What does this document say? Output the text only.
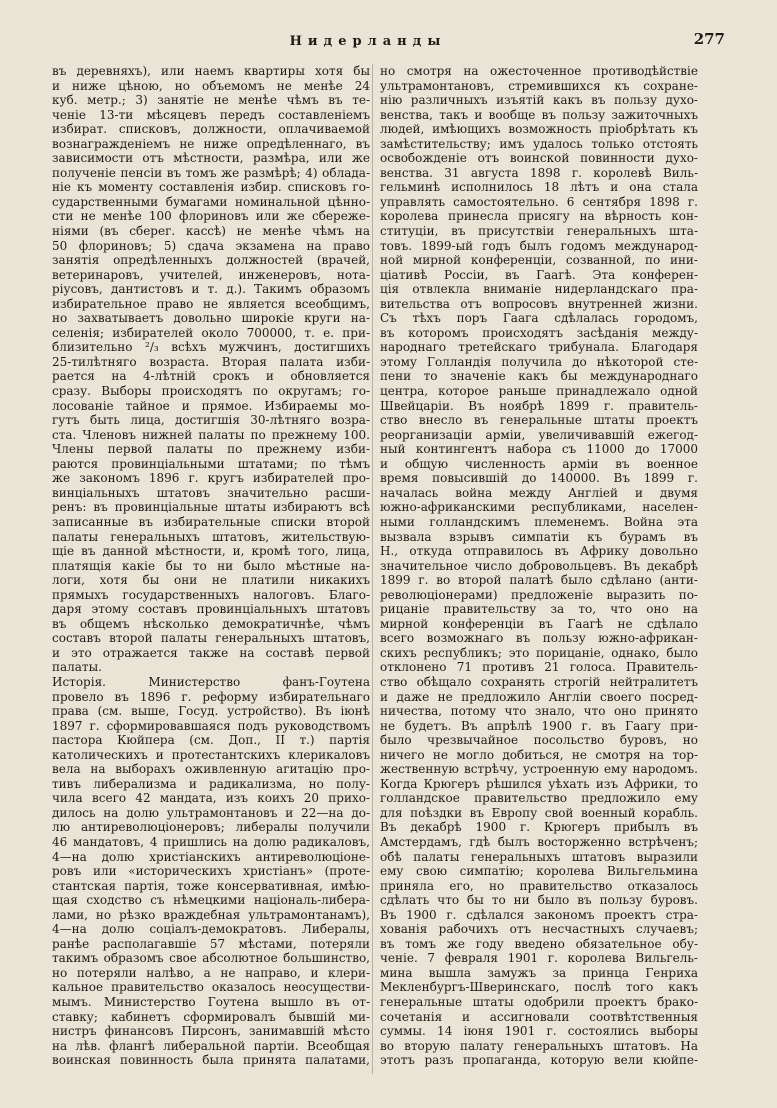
Нидерланды	277
въ деревняхъ), или наемъ квартиры хотя бы
и ниже цѣною, но объемомъ не менѣе 24
куб. метр.; 3) занятіе не менѣе чѣмъ въ те-
ченіе 13-ти мѣсяцевъ передъ составленіемъ
избират. списковъ, должности, оплачиваемой
вознагражденіемъ не ниже опредѣленнаго, въ
зависимости отъ мѣстности, размѣра, или же
полученіе пенсіи въ томъ же размѣрѣ; 4) облада-
ніе къ моменту составленія избир. списковъ го-
сударственными бумагами номинальной цѣнно-
сти не менѣе 100 флориновъ или же сбереже-
ніями (въ сберег. кассѣ) не менѣе чѣмъ на
50 флориновъ; 5) сдача экзамена на право
занятія опредѣленныхъ должностей (врачей,
ветеринаровъ, учителей, инженеровъ, нота-
ріусовъ, дантистовъ и т. д.). Такимъ образомъ
избирательное право не является всеобщимъ,
но захватываетъ довольно широкіе круги на-
селенія; избирателей около 700000, т. е. при-
близительно ²/₃ всѣхъ мужчинъ, достигшихъ
25-тилѣтняго возраста. Вторая палата изби-
рается на 4-лѣтній срокъ и обновляется
сразу. Выборы происходятъ по округамъ; го-
лосованіе тайное и прямое. Избираемы мо-
гутъ быть лица, достигшія 30-лѣтняго возра-
ста. Членовъ нижней палаты по прежнему 100.
Члены первой палаты по прежнему изби-
раются провинціальными штатами; по тѣмъ
же закономъ 1896 г. кругъ избирателей про-
винціальныхъ штатовъ значительно расши-
ренъ: въ провинціальные штаты избираютъ всѣ
записанные въ избирательные списки второй
палаты генеральныхъ штатовъ, жительствую-
щіе въ данной мѣстности, и, кромѣ того, лица,
платящія какіе бы то ни было мѣстные на-
логи, хотя бы они не платили никакихъ
прямыхъ государственныхъ налоговъ. Благо-
даря этому составъ провинціальныхъ штатовъ
въ общемъ нѣсколько демократичнѣе, чѣмъ
составъ второй палаты генеральныхъ штатовъ,
и это отражается также на составѣ первой
палаты.
Исторія. Министерство фанъ-Гоутена
провело въ 1896 г. реформу избирательнаго
права (см. выше, Госуд. устройство). Въ іюнѣ
1897 г. сформировавшаяся подъ руководствомъ
пастора Кюйпера (см. Доп., II т.) партія
католическихъ и протестантскихъ клерикаловъ
вела на выборахъ оживленную агитацію про-
тивъ либерализма и радикализма, но полу-
чила всего 42 мандата, изъ коихъ 20 прихо-
дилось на долю ультрамонтановъ и 22—на до-
лю антиреволюціонеровъ; либералы получили
46 мандатовъ, 4 пришлись на долю радикаловъ,
4—на долю христіанскихъ антиреволюціоне-
ровъ или «историческихъ христіанъ» (проте-
стантская партія, тоже консервативная, имѣю-
щая сходство съ нѣмецкими національ-либера-
лами, но рѣзко враждебная ультрамонтанамъ),
4—на долю соціалъ-демократовъ. Либералы,
ранѣе располагавшіе 57 мѣстами, потеряли
такимъ образомъ свое абсолютное большинство,
но потеряли налѣво, а не направо, и клери-
кальное правительство оказалось неосуществи-
мымъ. Министерство Гоутена вышло въ от-
ставку; кабинетъ сформировалъ бывшій ми-
нистръ финансовъ Пирсонъ, занимавшій мѣсто
на лѣв. флангѣ либеральной партіи. Всеобщая
воинская повинность была принята палатами,
но смотря на ожесточенное противодѣйствіе
ультрамонтановъ, стремившихся къ сохране-
нію различныхъ изъятій какъ въ пользу духо-
венства, такъ и вообще въ пользу зажиточныхъ
людей, имѣющихъ возможность пріобрѣтать къ
замѣстительству; имъ удалось только отстоять
освобожденіе отъ воинской повинности духо-
венства. 31 августа 1898 г. королевѣ Виль-
гельминѣ исполнилось 18 лѣтъ и она стала
управлять самостоятельно. 6 сентября 1898 г.
королева принесла присягу на вѣрность кон-
ституціи, въ присутствіи генеральныхъ шта-
товъ. 1899-ый годъ былъ годомъ международ-
ной мирной конференціи, созванной, по ини-
ціативѣ Россіи, въ Гаагѣ. Эта конферен-
ція отвлекла вниманіе нидерландскаго пра-
вительства отъ вопросовъ внутренней жизни.
Съ тѣхъ поръ Гаага сдѣлалась городомъ,
въ которомъ происходятъ засѣданія между-
народнаго третейскаго трибунала. Благодаря
этому Голландія получила до нѣкоторой сте-
пени то значеніе какъ бы международнаго
центра, которое раньше принадлежало одной
Швейцаріи. Въ ноябрѣ 1899 г. правитель-
ство внесло въ генеральные штаты проектъ
реорганизаціи арміи, увеличивавшій ежегод-
ный контингентъ набора съ 11000 до 17000
и общую численность арміи въ военное
время повысившій до 140000. Въ 1899 г.
началась война между Англіей и двумя
южно-африканскими республиками, населен-
ными голландскимъ племенемъ. Война эта
вызвала взрывъ симпатіи къ бурамъ въ
Н., откуда отправилось въ Африку довольно
значительное число добровольцевъ. Въ декабрѣ
1899 г. во второй палатѣ было сдѣлано (анти-
революціонерами) предложеніе выразить по-
рицаніе правительству за то, что оно на
мирной конференціи въ Гаагѣ не сдѣлало
всего возможнаго въ пользу южно-африкан-
скихъ республикъ; это порицаніе, однако, было
отклонено 71 противъ 21 голоса. Правитель-
ство обѣщало сохранять строгій нейтралитетъ
и даже не предложило Англіи своего посред-
ничества, потому что знало, что оно принято
не будетъ. Въ апрѣлѣ 1900 г. въ Гаагу при-
было чрезвычайное посольство буровъ, но
ничего не могло добиться, не смотря на тор-
жественную встрѣчу, устроенную ему народомъ.
Когда Крюгеръ рѣшился уѣхать изъ Африки, то
голландское правительство предложило ему
для поѣздки въ Европу свой военный корабль.
Въ декабрѣ 1900 г. Крюгеръ прибылъ въ
Амстердамъ, гдѣ былъ восторженно встрѣченъ;
обѣ палаты генеральныхъ штатовъ выразили
ему свою симпатію; королева Вильгельмина
приняла его, но правительство отказалось
сдѣлать что бы то ни было въ пользу буровъ.
Въ 1900 г. сдѣлался закономъ проектъ стра-
хованія рабочихъ отъ несчастныхъ случаевъ;
въ томъ же году введено обязательное обу-
ченіе. 7 февраля 1901 г. королева Вильгель-
мина вышла замужъ за принца Генриха
Мекленбургъ-Шверинскаго, послѣ того какъ
генеральные штаты одобрили проектъ брако-
сочетанія и ассигновали соотвѣтственныя
суммы. 14 іюня 1901 г. состоялись выборы
во вторую палату генеральныхъ штатовъ. На
этотъ разъ пропаганда, которую вели кюйпе-
